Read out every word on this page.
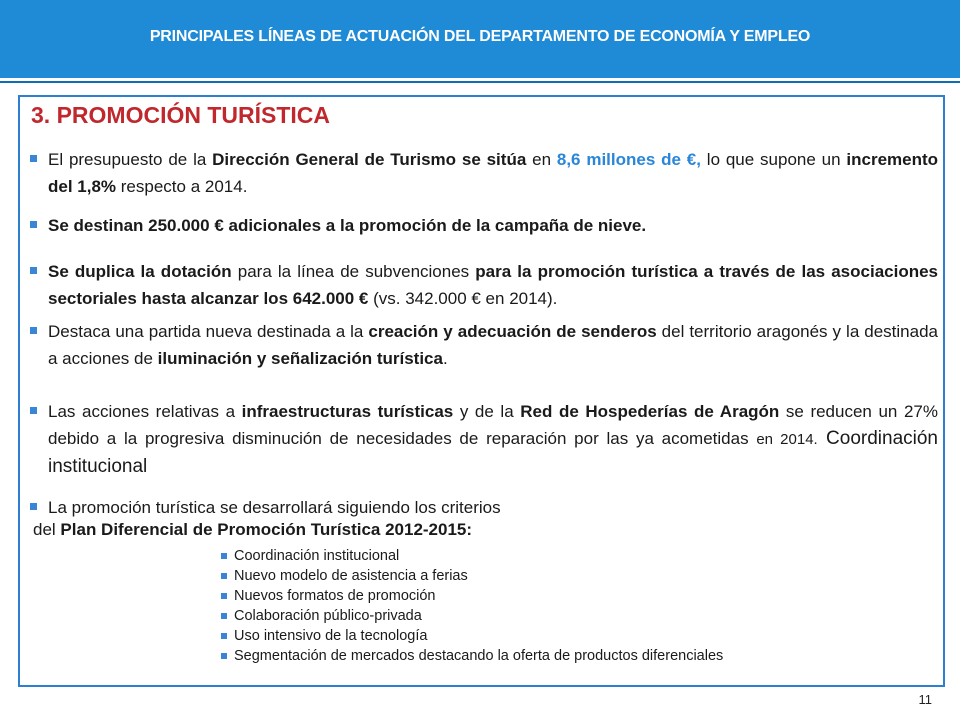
PRINCIPALES LÍNEAS DE ACTUACIÓN DEL DEPARTAMENTO DE ECONOMÍA Y EMPLEO
3. PROMOCIÓN TURÍSTICA
El presupuesto de la Dirección General de Turismo se sitúa en 8,6 millones de €, lo que supone un incremento del 1,8% respecto a 2014.
Se destinan 250.000 € adicionales a la promoción de la campaña de nieve.
Se duplica la dotación para la línea de subvenciones para la promoción turística a través de las asociaciones sectoriales hasta alcanzar los 642.000 € (vs. 342.000 € en 2014).
Destaca una partida nueva destinada a la creación y adecuación de senderos del territorio aragonés y la destinada a acciones de iluminación y señalización turística.
Las acciones relativas a infraestructuras turísticas y de la Red de Hospederías de Aragón se reducen un 27% debido a la progresiva disminución de necesidades de reparación por las ya acometidas en 2014. Coordinación institucional
La promoción turística se desarrollará siguiendo los criterios
del Plan Diferencial de Promoción Turística 2012-2015:
Coordinación institucional
Nuevo modelo de asistencia a ferias
Nuevos formatos de promoción
Colaboración público-privada
Uso intensivo de la tecnología
Segmentación de mercados destacando la oferta de productos diferenciales
11
